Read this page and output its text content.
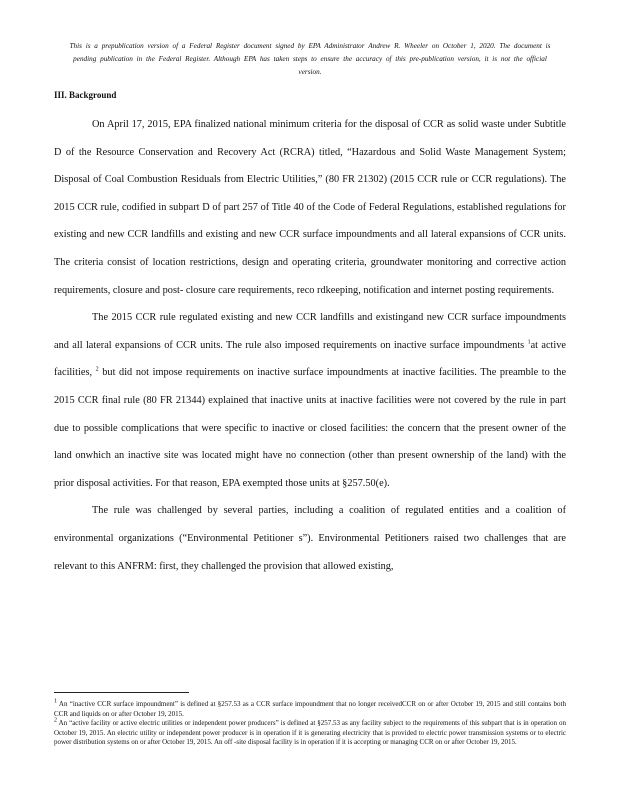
This is a prepublication version of a Federal Register document signed by EPA Administrator Andrew R. Wheeler on October 1, 2020. The document is pending publication in the Federal Register. Although EPA has taken steps to ensure the accuracy of this pre-publication version, it is not the official version.
III. Background

On April 17, 2015, EPA finalized national minimum criteria for the disposal of CCR as solid waste under Subtitle D of the Resource Conservation and Recovery Act (RCRA) titled, “Hazardous and Solid Waste Management System; Disposal of Coal Combustion Residuals from Electric Utilities,” (80 FR 21302) (2015 CCR rule or CCR regulations). The 2015 CCR rule, codified in subpart D of part 257 of Title 40 of the Code of Federal Regulations, established regulations for existing and new CCR landfills and existing and new CCR surface impoundments and all lateral expansions of CCR units. The criteria consist of location restrictions, design and operating criteria, groundwater monitoring and corrective action requirements, closure and post- closure care requirements, reco rdkeeping, notification and internet posting requirements.

The 2015 CCR rule regulated existing and new CCR landfills and existingand new CCR surface impoundments and all lateral expansions of CCR units. The rule also imposed requirements on inactive surface impoundments $^1$at active facilities, $^2$ but did not impose requirements on inactive surface impoundments at inactive facilities. The preamble to the 2015 CCR final rule (80 FR 21344) explained that inactive units at inactive facilities were not covered by the rule in part due to possible complications that were specific to inactive or closed facilities: the concern that the present owner of the land onwhich an inactive site was located might have no connection (other than present ownership of the land) with the prior disposal activities. For that reason, EPA exempted those units at §257.50(e).

The rule was challenged by several parties, including a coalition of regulated entities and a coalition of environmental organizations (“Environmental Petitioner s”). Environmental Petitioners raised two challenges that are relevant to this ANFRM: first, they challenged the provision that allowed existing,

$^1$ An “inactive CCR surface impoundment” is defined at §257.53 as a CCR surface impoundment that no longer receivedCCR on or after October 19, 2015 and still contains both CCR and liquids on or after October 19, 2015.

$^2$ An “active facility or active electric utilities or independent power producers” is defined at §257.53 as any facility subject to the requirements of this subpart that is in operation on October 19, 2015. An electric utility or independent power producer is in operation if it is generating electricity that is provided to electric power transmission systems or to electric power distribution systems on or after October 19, 2015. An off -site disposal facility is in operation if it is accepting or managing CCR on or after October 19, 2015.
